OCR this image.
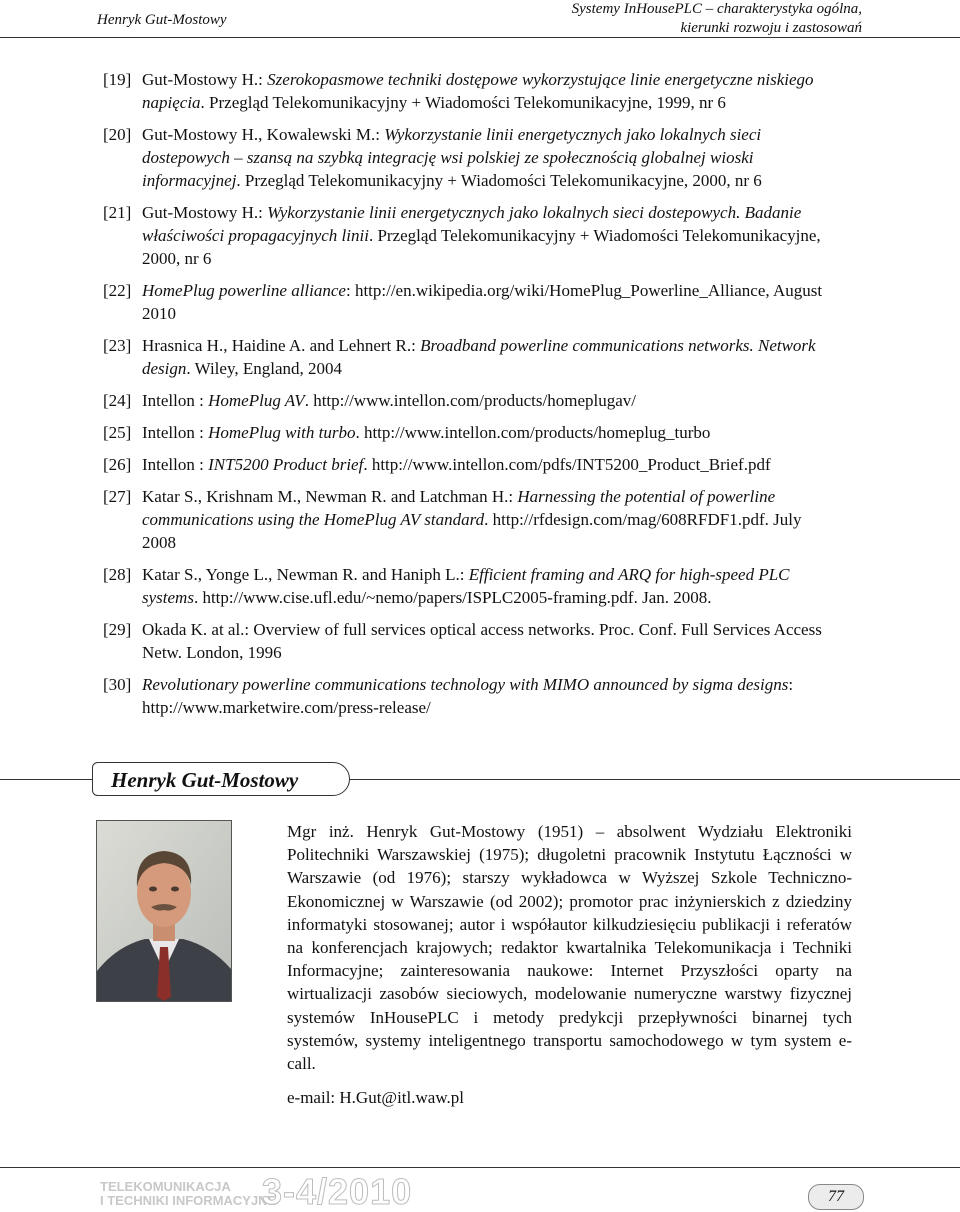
Henryk Gut-Mostowy
Systemy InHousePLC – charakterystyka ogólna,
kierunki rozwoju i zastosowań
[19] Gut-Mostowy H.: Szerokopasmowe techniki dostępowe wykorzystujące linie energetyczne niskiego napięcia. Przegląd Telekomunikacyjny + Wiadomości Telekomunikacyjne, 1999, nr 6
[20] Gut-Mostowy H., Kowalewski M.: Wykorzystanie linii energetycznych jako lokalnych sieci dostepowych – szansą na szybką integrację wsi polskiej ze społecznością globalnej wioski informacyjnej. Przegląd Telekomunikacyjny + Wiadomości Telekomunikacyjne, 2000, nr 6
[21] Gut-Mostowy H.: Wykorzystanie linii energetycznych jako lokalnych sieci dostepowych. Badanie właściwości propagacyjnych linii. Przegląd Telekomunikacyjny + Wiadomości Telekomunikacyjne, 2000, nr 6
[22] HomePlug powerline alliance: http://en.wikipedia.org/wiki/HomePlug_Powerline_Alliance, August 2010
[23] Hrasnica H., Haidine A. and Lehnert R.: Broadband powerline communications networks. Network design. Wiley, England, 2004
[24] Intellon : HomePlug AV. http://www.intellon.com/products/homeplugav/
[25] Intellon : HomePlug with turbo. http://www.intellon.com/products/homeplug_turbo
[26] Intellon : INT5200 Product brief. http://www.intellon.com/pdfs/INT5200_Product_Brief.pdf
[27] Katar S., Krishnam M., Newman R. and Latchman H.: Harnessing the potential of powerline communications using the HomePlug AV standard. http://rfdesign.com/mag/608RFDF1.pdf. July 2008
[28] Katar S., Yonge L., Newman R. and Haniph L.: Efficient framing and ARQ for high-speed PLC systems. http://www.cise.ufl.edu/~nemo/papers/ISPLC2005-framing.pdf. Jan. 2008.
[29] Okada K. at al.: Overview of full services optical access networks. Proc. Conf. Full Services Access Netw. London, 1996
[30] Revolutionary powerline communications technology with MIMO announced by sigma designs: http://www.marketwire.com/press-release/
Henryk Gut-Mostowy

Mgr inż. Henryk Gut-Mostowy (1951) – absolwent Wydziału Elektroniki Politechniki Warszawskiej (1975); długoletni pracownik Instytutu Łączności w Warszawie (od 1976); starszy wykładowca w Wyższej Szkole Techniczno-Ekonomicznej w Warszawie (od 2002); promotor prac inżynierskich z dziedziny informatyki stosowanej; autor i współautor kilkudziesięciu publikacji i referatów na konferencjach krajowych; redaktor kwartalnika Telekomunikacja i Techniki Informacyjne; zainteresowania naukowe: Internet Przyszłości oparty na wirtualizacji zasobów sieciowych, modelowanie numeryczne warstwy fizycznej systemów InHousePLC i metody predykcji przepływności binarnej tych systemów, systemy inteligentnego transportu samochodowego w tym system e-call.

e-mail: H.Gut@itl.waw.pl
TELEKOMUNIKACJA
I TECHNIKI INFORMACYJNE
3-4/2010	77
